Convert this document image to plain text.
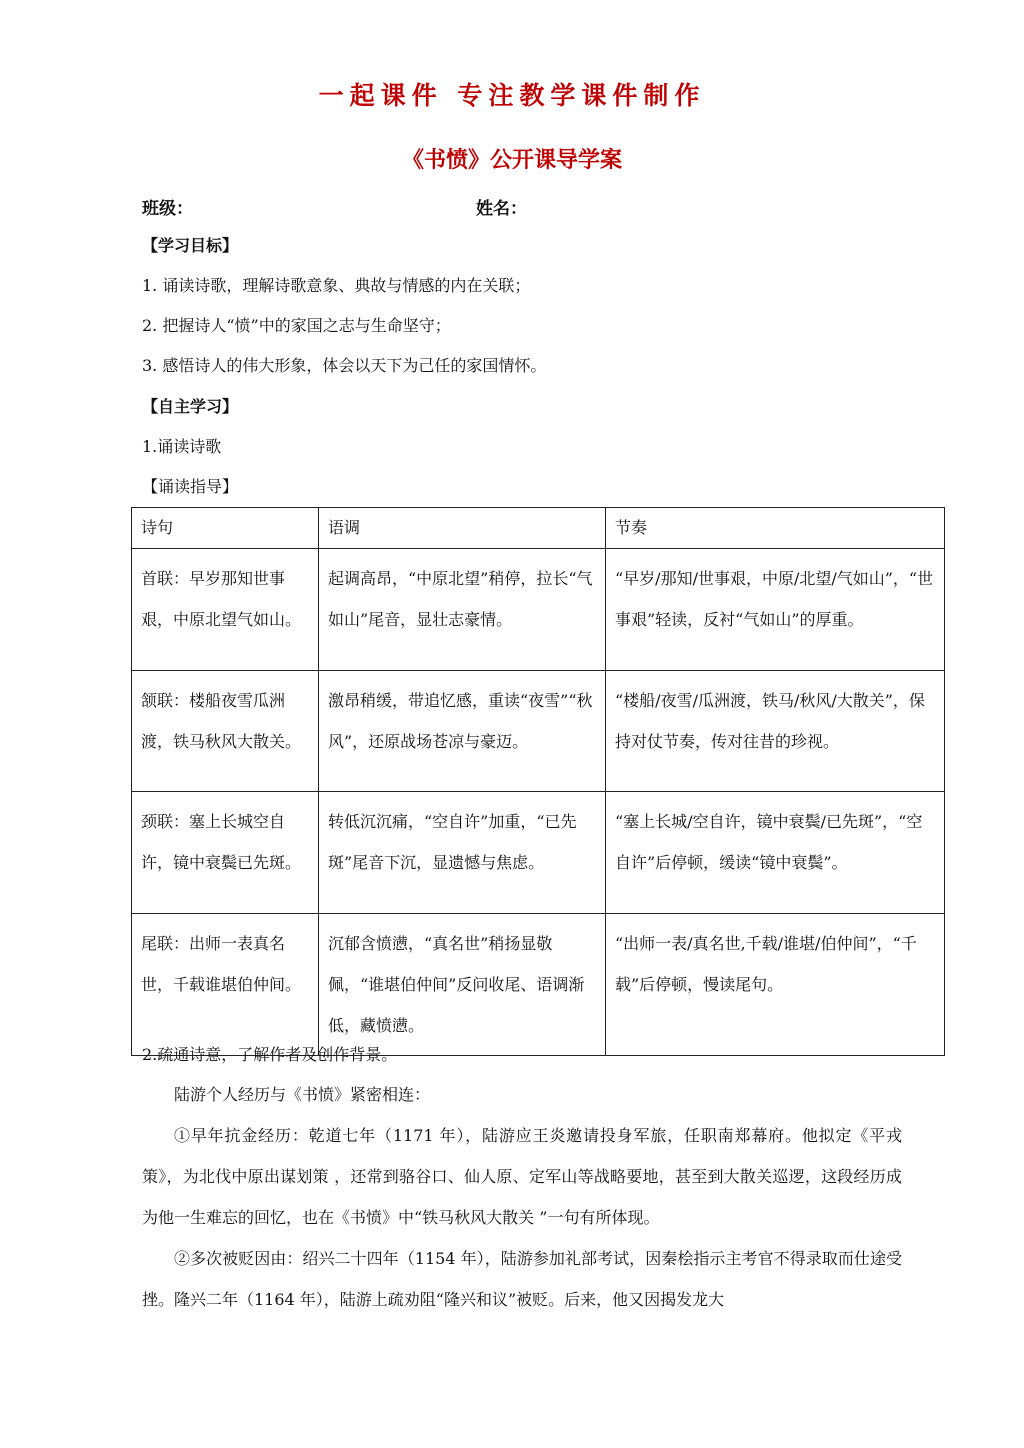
一起课件 专注教学课件制作
《书愤》公开课导学案
班级：	姓名：
【学习目标】
1. 诵读诗歌，理解诗歌意象、典故与情感的内在关联；
2. 把握诗人“愤”中的家国之志与生命坚守；
3. 感悟诗人的伟大形象，体会以天下为己任的家国情怀。
【自主学习】
1.诵读诗歌
【诵读指导】
诗句	语调	节奏
首联：早岁那知世事艰，中原北望气如山。	起调高昂，“中原北望”稍停，拉长“气如山”尾音，显壮志豪情。	“早岁/那知/世事艰，中原/北望/气如山”，“世事艰”轻读，反衬“气如山”的厚重。
颔联：楼船夜雪瓜洲渡，铁马秋风大散关。	激昂稍缓，带追忆感，重读“夜雪”“秋风”，还原战场苍凉与豪迈。	“楼船/夜雪/瓜洲渡，铁马/秋风/大散关”，保持对仗节奏，传对往昔的珍视。
颈联：塞上长城空自许，镜中衰鬓已先斑。	转低沉沉痛，“空自许”加重，“已先斑”尾音下沉，显遗憾与焦虑。	“塞上长城/空自许，镜中衰鬓/已先斑”，“空自许”后停顿，缓读“镜中衰鬓”。
尾联：出师一表真名世，千载谁堪伯仲间。	沉郁含愤懑，“真名世”稍扬显敬佩，“谁堪伯仲间”反问收尾、语调渐低，藏愤懑。	“出师一表/真名世,千载/谁堪/伯仲间”，“千载”后停顿，慢读尾句。
2.疏通诗意，了解作者及创作背景。
陆游个人经历与《书愤》紧密相连：
①早年抗金经历：乾道七年（1171 年），陆游应王炎邀请投身军旅，任职南郑幕府。他拟定《平戎策》，为北伐中原出谋划策 ，还常到骆谷口、仙人原、定军山等战略要地，甚至到大散关巡逻，这段经历成为他一生难忘的回忆，也在《书愤》中“铁马秋风大散关 ”一句有所体现。
②多次被贬因由：绍兴二十四年（1154 年），陆游参加礼部考试，因秦桧指示主考官不得录取而仕途受挫。隆兴二年（1164 年），陆游上疏劝阻“隆兴和议”被贬。后来，他又因揭发龙大
